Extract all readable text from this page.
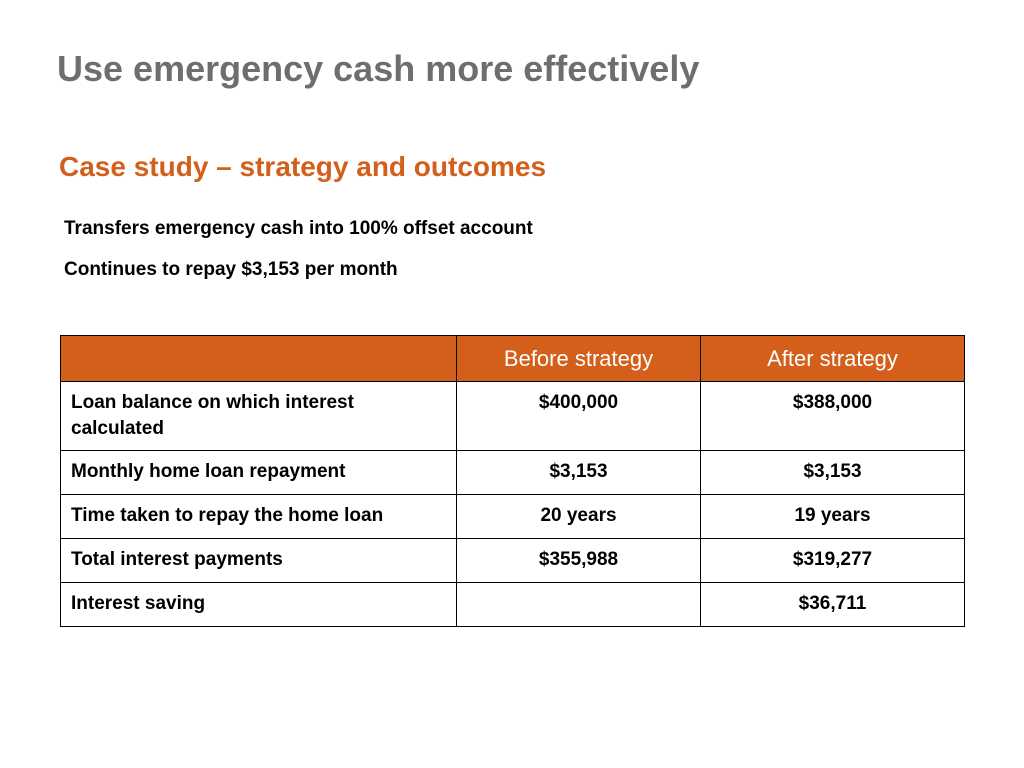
Use emergency cash more effectively
Case study – strategy and outcomes
Transfers emergency cash into 100% offset account
Continues to repay $3,153 per month
	Before strategy	After strategy
Loan balance on which interest calculated	$400,000	$388,000
Monthly home loan repayment	$3,153	$3,153
Time taken to repay the home loan	20 years	19 years
Total interest payments	$355,988	$319,277
Interest saving		$36,711
